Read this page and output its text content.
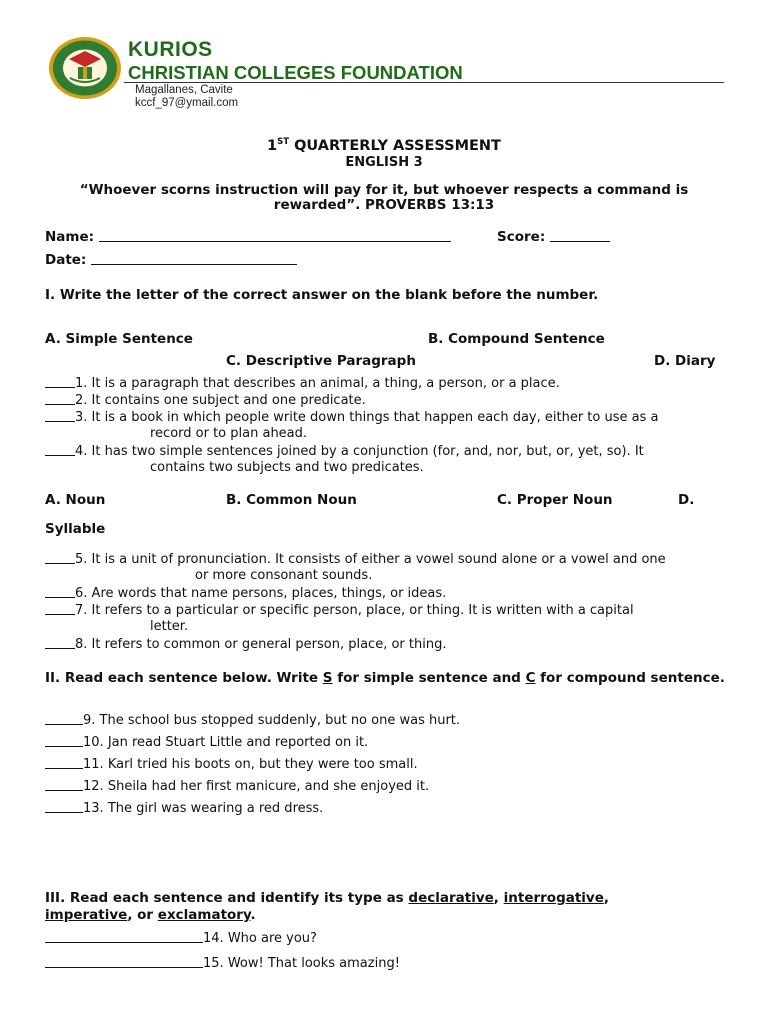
KURIOS
CHRISTIAN COLLEGES FOUNDATION
Magallanes, Cavite
kccf_97@ymail.com
1ST QUARTERLY ASSESSMENT
ENGLISH 3
“Whoever scorns instruction will pay for it, but whoever respects a command is rewarded”. PROVERBS 13:13
Name:	Score:
Date:
I. Write the letter of the correct answer on the blank before the number.
A. Simple Sentence	B. Compound Sentence
C. Descriptive Paragraph	D. Diary
1. It is a paragraph that describes an animal, a thing, a person, or a place.
2. It contains one subject and one predicate.
3. It is a book in which people write down things that happen each day, either to use as a
record or to plan ahead.
4. It has two simple sentences joined by a conjunction (for, and, nor, but, or, yet, so). It
contains two subjects and two predicates.
A. Noun	B. Common Noun	C. Proper Noun	D.
Syllable
5. It is a unit of pronunciation. It consists of either a vowel sound alone or a vowel and one
or more consonant sounds.
6. Are words that name persons, places, things, or ideas.
7. It refers to a particular or specific person, place, or thing. It is written with a capital
letter.
8. It refers to common or general person, place, or thing.
II. Read each sentence below. Write S for simple sentence and C for compound sentence.
9. The school bus stopped suddenly, but no one was hurt.
10. Jan read Stuart Little and reported on it.
11. Karl tried his boots on, but they were too small.
12. Sheila had her first manicure, and she enjoyed it.
13. The girl was wearing a red dress.
III. Read each sentence and identify its type as declarative, interrogative,
imperative, or exclamatory.
14. Who are you?
15. Wow! That looks amazing!
